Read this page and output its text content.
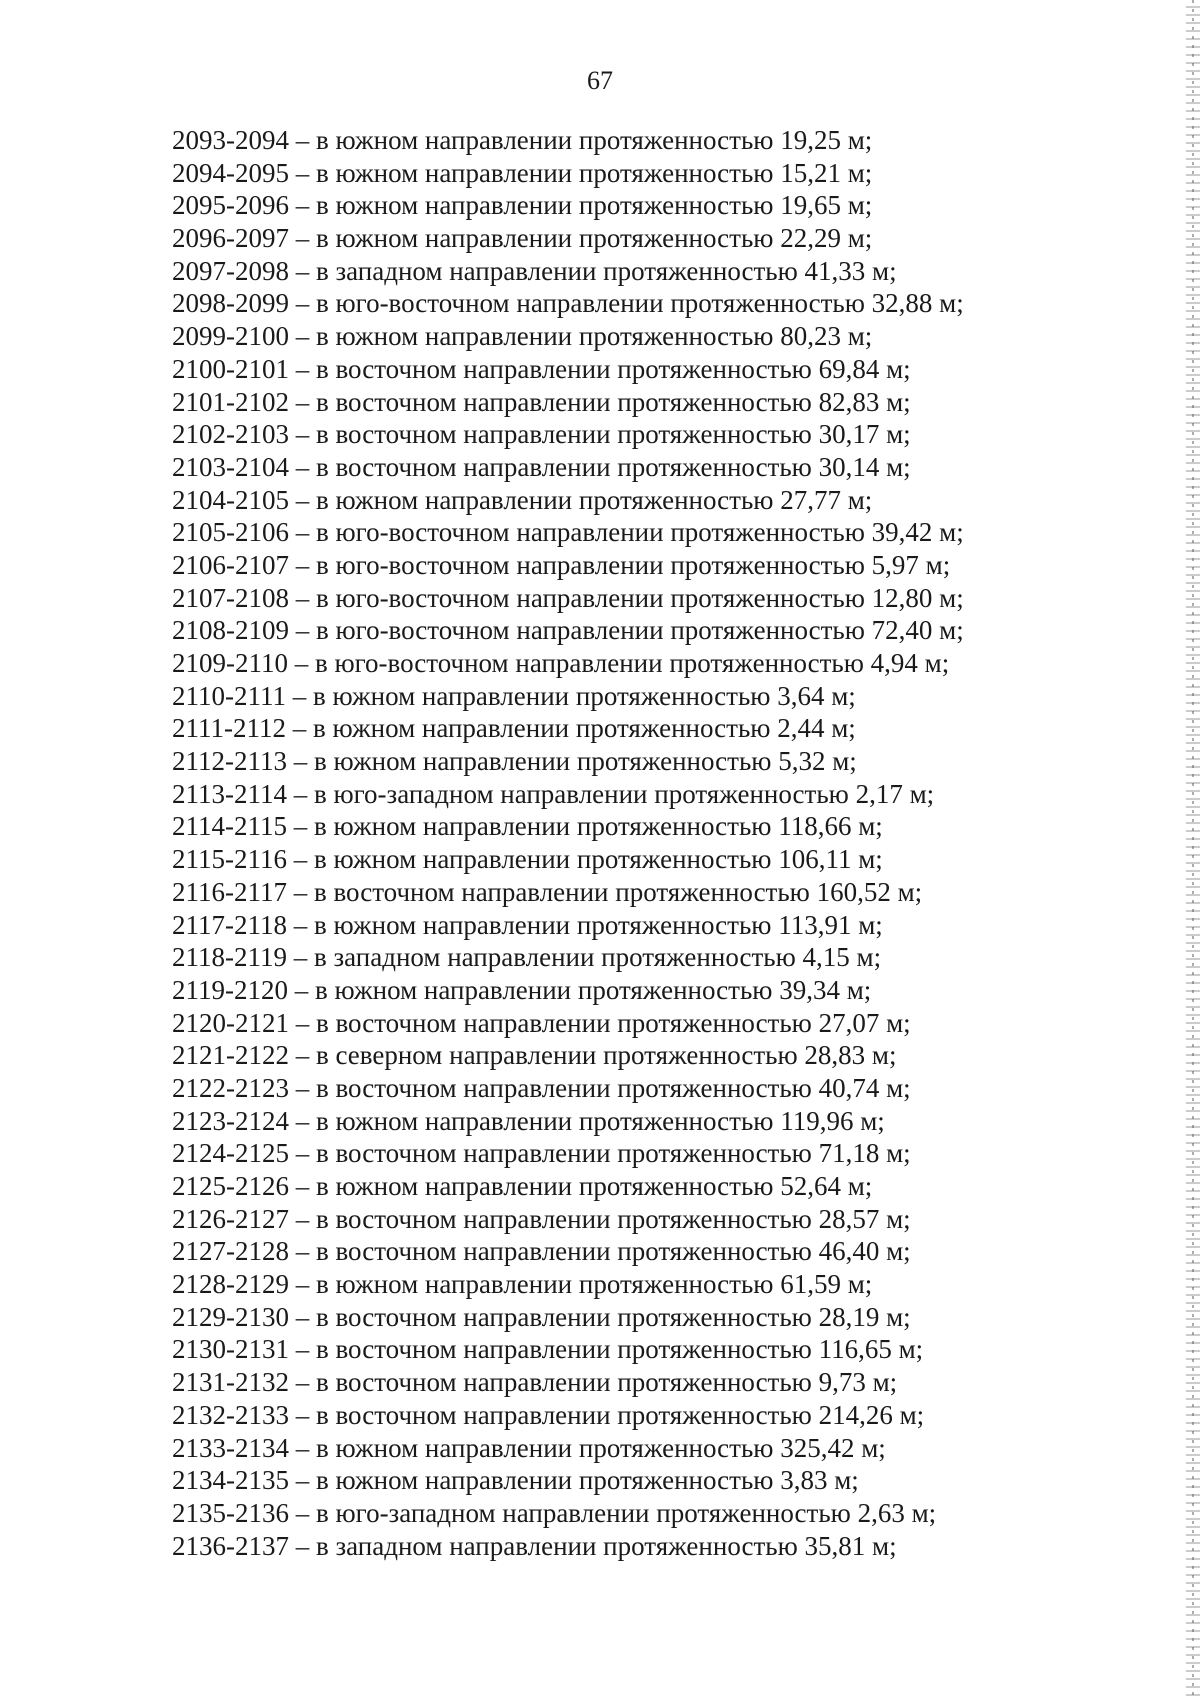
67
2093-2094 – в южном направлении протяженностью 19,25 м;
2094-2095 – в южном направлении протяженностью 15,21 м;
2095-2096 – в южном направлении протяженностью 19,65 м;
2096-2097 – в южном направлении протяженностью 22,29 м;
2097-2098 – в западном направлении протяженностью 41,33 м;
2098-2099 – в юго-восточном направлении протяженностью 32,88 м;
2099-2100 – в южном направлении протяженностью 80,23 м;
2100-2101 – в восточном направлении протяженностью 69,84 м;
2101-2102 – в восточном направлении протяженностью 82,83 м;
2102-2103 – в восточном направлении протяженностью 30,17 м;
2103-2104 – в восточном направлении протяженностью 30,14 м;
2104-2105 – в южном направлении протяженностью 27,77 м;
2105-2106 – в юго-восточном направлении протяженностью 39,42 м;
2106-2107 – в юго-восточном направлении протяженностью 5,97 м;
2107-2108 – в юго-восточном направлении протяженностью 12,80 м;
2108-2109 – в юго-восточном направлении протяженностью 72,40 м;
2109-2110 – в юго-восточном направлении протяженностью 4,94 м;
2110-2111 – в южном направлении протяженностью 3,64 м;
2111-2112 – в южном направлении протяженностью 2,44 м;
2112-2113 – в южном направлении протяженностью 5,32 м;
2113-2114 – в юго-западном направлении протяженностью 2,17 м;
2114-2115 – в южном направлении протяженностью 118,66 м;
2115-2116 – в южном направлении протяженностью 106,11 м;
2116-2117 – в восточном направлении протяженностью 160,52 м;
2117-2118 – в южном направлении протяженностью 113,91 м;
2118-2119 – в западном направлении протяженностью 4,15 м;
2119-2120 – в южном направлении протяженностью 39,34 м;
2120-2121 – в восточном направлении протяженностью 27,07 м;
2121-2122 – в северном направлении протяженностью 28,83 м;
2122-2123 – в восточном направлении протяженностью 40,74 м;
2123-2124 – в южном направлении протяженностью 119,96 м;
2124-2125 – в восточном направлении протяженностью 71,18 м;
2125-2126 – в южном направлении протяженностью 52,64 м;
2126-2127 – в восточном направлении протяженностью 28,57 м;
2127-2128 – в восточном направлении протяженностью 46,40 м;
2128-2129 – в южном направлении протяженностью 61,59 м;
2129-2130 – в восточном направлении протяженностью 28,19 м;
2130-2131 – в восточном направлении протяженностью 116,65 м;
2131-2132 – в восточном направлении протяженностью 9,73 м;
2132-2133 – в восточном направлении протяженностью 214,26 м;
2133-2134 – в южном направлении протяженностью 325,42 м;
2134-2135 – в южном направлении протяженностью 3,83 м;
2135-2136 – в юго-западном направлении протяженностью 2,63 м;
2136-2137 – в западном направлении протяженностью 35,81 м;
